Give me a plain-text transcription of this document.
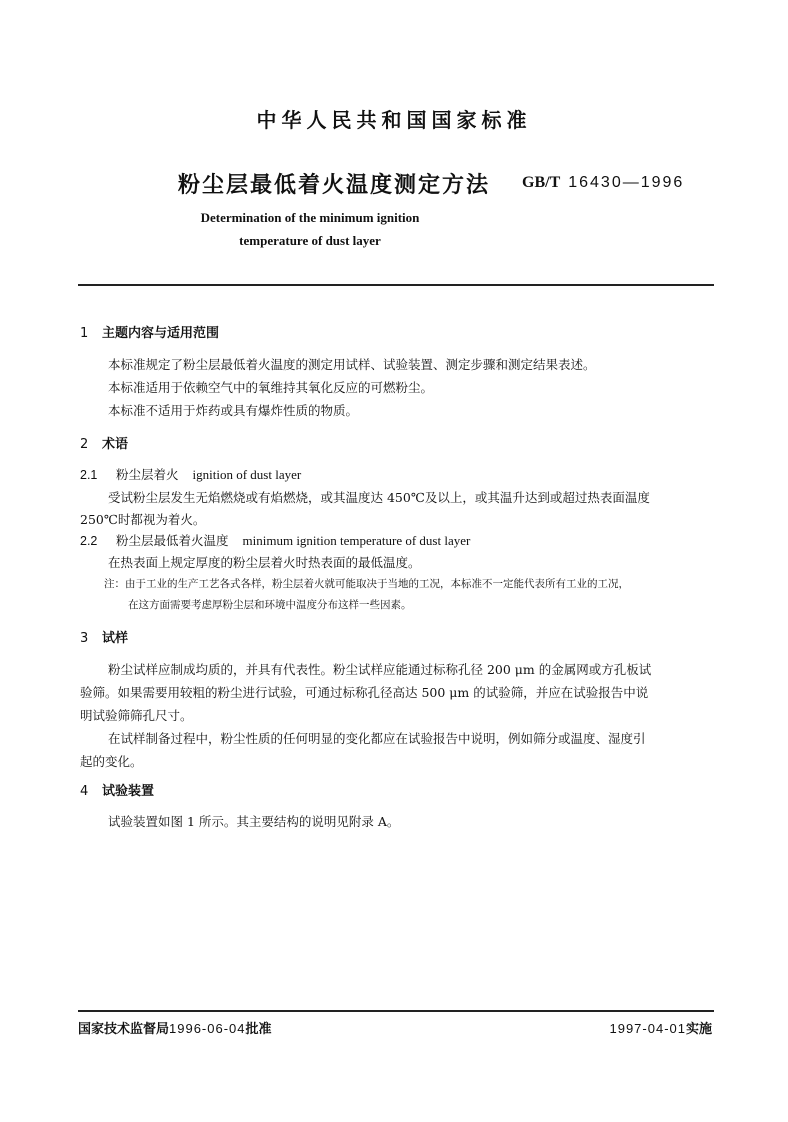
中华人民共和国国家标准
粉尘层最低着火温度测定方法 GB/T 16430—1996
Determination of the minimum ignition
temperature of dust layer
1 主题内容与适用范围
本标准规定了粉尘层最低着火温度的测定用试样、试验装置、测定步骤和测定结果表述。
本标准适用于依赖空气中的氧维持其氧化反应的可燃粉尘。
本标准不适用于炸药或具有爆炸性质的物质。
2 术语
2.1 粉尘层着火 ignition of dust layer
受试粉尘层发生无焰燃烧或有焰燃烧，或其温度达 450℃及以上，或其温升达到或超过热表面温度
250℃时都视为着火。
2.2 粉尘层最低着火温度 minimum ignition temperature of dust layer
在热表面上规定厚度的粉尘层着火时热表面的最低温度。
注：由于工业的生产工艺各式各样，粉尘层着火就可能取决于当地的工况，本标准不一定能代表所有工业的工况，
在这方面需要考虑厚粉尘层和环境中温度分布这样一些因素。
3 试样
粉尘试样应制成均质的，并具有代表性。粉尘试样应能通过标称孔径 200 μm 的金属网或方孔板试
验筛。如果需要用较粗的粉尘进行试验，可通过标称孔径高达 500 μm 的试验筛，并应在试验报告中说
明试验筛筛孔尺寸。
在试样制备过程中，粉尘性质的任何明显的变化都应在试验报告中说明，例如筛分或温度、湿度引
起的变化。
4 试验装置
试验装置如图 1 所示。其主要结构的说明见附录 A。
国家技术监督局1996-06-04批准	1997-04-01实施
